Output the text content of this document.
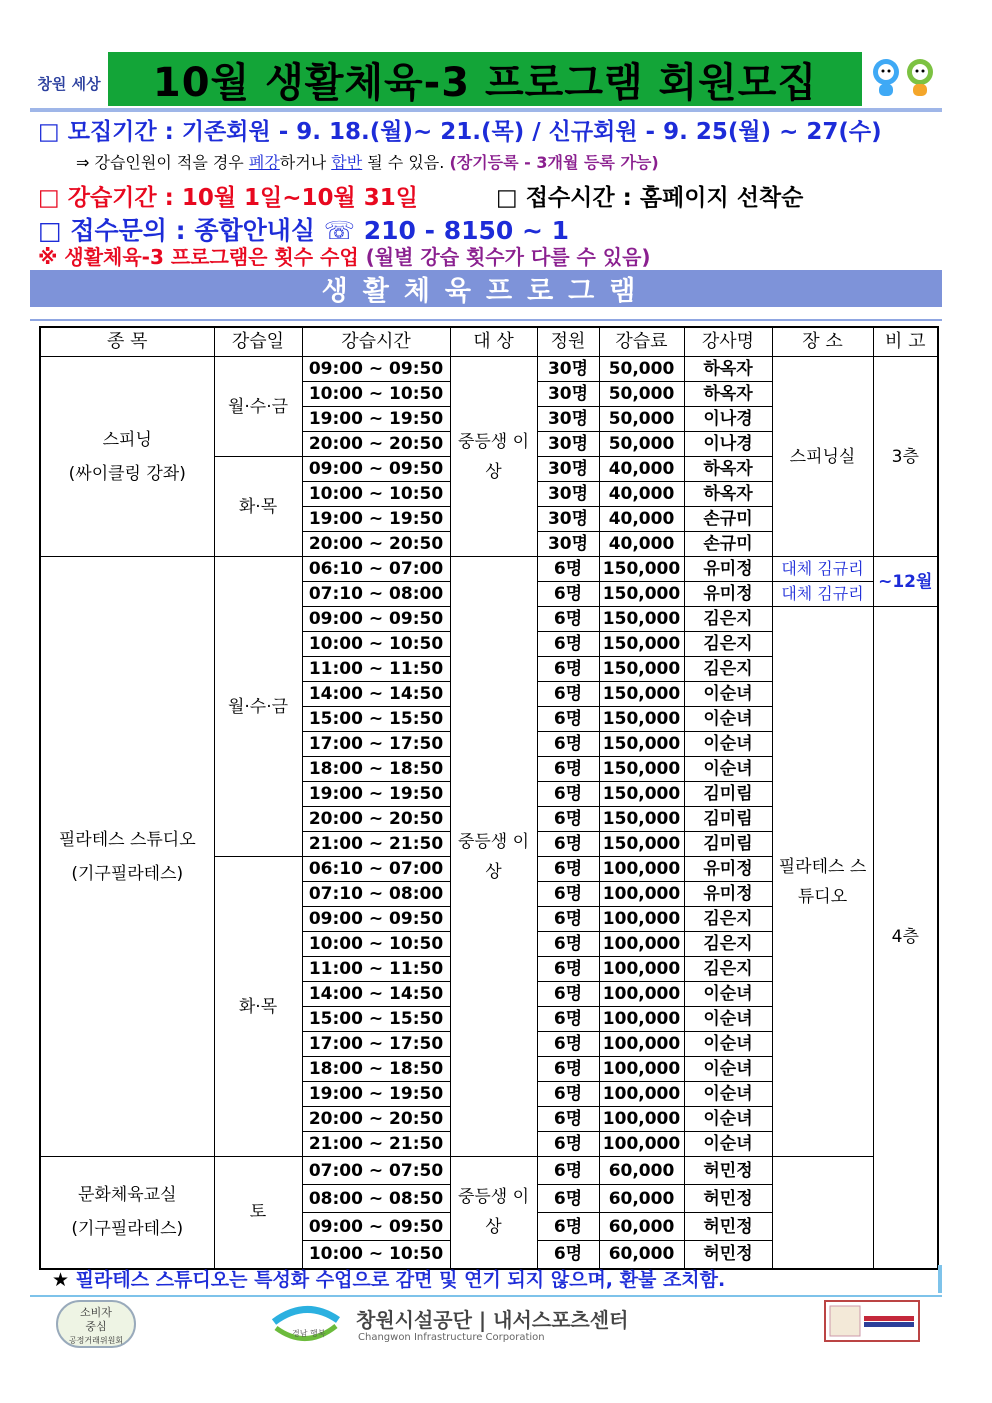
창원 세상 10월 생활체육-3 프로그램 회원모집
□ 모집기간 : 기존회원 - 9. 18.(월)~ 21.(목) / 신규회원 - 9. 25(월) ~ 27(수)
⇒ 강습인원이 적을 경우 폐강하거나 합반 될 수 있음. (장기등록 - 3개월 등록 가능)
□ 강습기간 : 10월 1일~10월 31일	□ 접수시간 : 홈페이지 선착순
□ 접수문의 : 종합안내실 ☏ 210 - 8150 ~ 1
※ 생활체육-3 프로그램은 횟수 수업 (월별 강습 횟수가 다를 수 있음)
생활체육프로그램
종 목	강습일	강습시간	대 상	정원	강습료	강사명	장 소	비 고

스피닝
(싸이클링 강좌)	월·수·금	09:00 ~ 09:50	중등생 이 상	30명	50,000	하옥자	스피닝실	3층
		10:00 ~ 10:50		30명	50,000	하옥자		
		19:00 ~ 19:50		30명	50,000	이나경		
		20:00 ~ 20:50		30명	50,000	이나경		
	화·목	09:00 ~ 09:50		30명	40,000	하옥자		
		10:00 ~ 10:50		30명	40,000	하옥자		
		19:00 ~ 19:50		30명	40,000	손규미		
		20:00 ~ 20:50		30명	40,000	손규미		

필라테스 스튜디오
(기구필라테스)	월·수·금	06:10 ~ 07:00	중등생 이 상	6명	150,000	유미정	대체 김규리	~12월
		07:10 ~ 08:00		6명	150,000	유미정	대체 김규리	
		09:00 ~ 09:50		6명	150,000	김은지	필라테스 스튜디오	4층
		10:00 ~ 10:50		6명	150,000	김은지		
		11:00 ~ 11:50		6명	150,000	김은지		
		14:00 ~ 14:50		6명	150,000	이순녀		
		15:00 ~ 15:50		6명	150,000	이순녀		
		17:00 ~ 17:50		6명	150,000	이순녀		
		18:00 ~ 18:50		6명	150,000	이순녀		
		19:00 ~ 19:50		6명	150,000	김미림		
		20:00 ~ 20:50		6명	150,000	김미림		
		21:00 ~ 21:50		6명	150,000	김미림		
	화·목	06:10 ~ 07:00		6명	100,000	유미정		
		07:10 ~ 08:00		6명	100,000	유미정		
		09:00 ~ 09:50		6명	100,000	김은지		
		10:00 ~ 10:50		6명	100,000	김은지		
		11:00 ~ 11:50		6명	100,000	김은지		
		14:00 ~ 14:50		6명	100,000	이순녀		
		15:00 ~ 15:50		6명	100,000	이순녀		
		17:00 ~ 17:50		6명	100,000	이순녀		
		18:00 ~ 18:50		6명	100,000	이순녀		
		19:00 ~ 19:50		6명	100,000	이순녀		
		20:00 ~ 20:50		6명	100,000	이순녀		
		21:00 ~ 21:50		6명	100,000	이순녀		

문화체육교실
(기구필라테스)	토	07:00 ~ 07:50	중등생 이 상	6명	60,000	허민정		
		08:00 ~ 08:50		6명	60,000	허민정		
		09:00 ~ 09:50		6명	60,000	허민정		
		10:00 ~ 10:50		6명	60,000	허민정		
★ 필라테스 스튜디오는 특성화 수업으로 감면 및 연기 되지 않으며, 환불 조치함.
소비자
중심
공정거래위원회
경남 행복
창원시설공단 | 내서스포츠센터
Changwon Infrastructure Corporation
